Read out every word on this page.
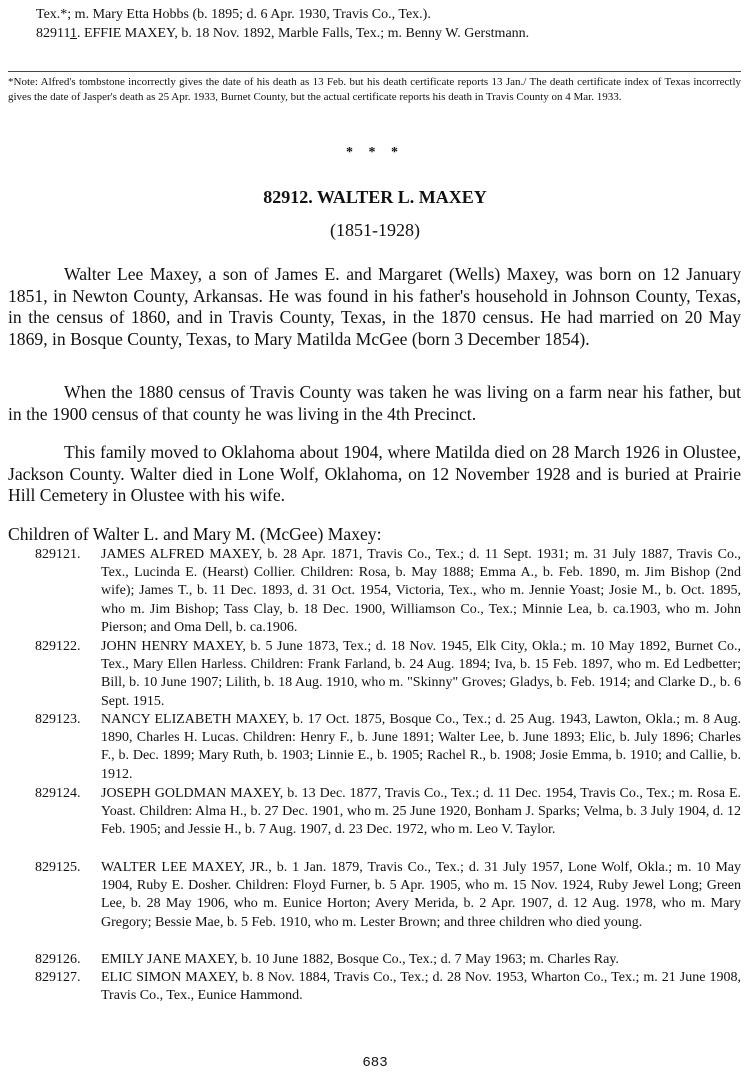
Tex.*; m. Mary Etta Hobbs (b. 1895; d. 6 Apr. 1930, Travis Co., Tex.).
829111. EFFIE MAXEY, b. 18 Nov. 1892, Marble Falls, Tex.; m. Benny W. Gerstmann.
*Note: Alfred's tombstone incorrectly gives the date of his death as 13 Feb. but his death certificate reports 13 Jan./ The death certificate index of Texas incorrectly gives the date of Jasper's death as 25 Apr. 1933, Burnet County, but the actual certificate reports his death in Travis County on 4 Mar. 1933.
* * *
82912. WALTER L. MAXEY
(1851-1928)
Walter Lee Maxey, a son of James E. and Margaret (Wells) Maxey, was born on 12 January 1851, in Newton County, Arkansas. He was found in his father's household in Johnson County, Texas, in the census of 1860, and in Travis County, Texas, in the 1870 census. He had married on 20 May 1869, in Bosque County, Texas, to Mary Matilda McGee (born 3 December 1854).
When the 1880 census of Travis County was taken he was living on a farm near his father, but in the 1900 census of that county he was living in the 4th Precinct.
This family moved to Oklahoma about 1904, where Matilda died on 28 March 1926 in Olustee, Jackson County. Walter died in Lone Wolf, Oklahoma, on 12 November 1928 and is buried at Prairie Hill Cemetery in Olustee with his wife.
Children of Walter L. and Mary M. (McGee) Maxey:
829121. JAMES ALFRED MAXEY, b. 28 Apr. 1871, Travis Co., Tex.; d. 11 Sept. 1931; m. 31 July 1887, Travis Co., Tex., Lucinda E. (Hearst) Collier. Children: Rosa, b. May 1888; Emma A., b. Feb. 1890, m. Jim Bishop (2nd wife); James T., b. 11 Dec. 1893, d. 31 Oct. 1954, Victoria, Tex., who m. Jennie Yoast; Josie M., b. Oct. 1895, who m. Jim Bishop; Tass Clay, b. 18 Dec. 1900, Williamson Co., Tex.; Minnie Lea, b. ca.1903, who m. John Pierson; and Oma Dell, b. ca.1906.
829122. JOHN HENRY MAXEY, b. 5 June 1873, Tex.; d. 18 Nov. 1945, Elk City, Okla.; m. 10 May 1892, Burnet Co., Tex., Mary Ellen Harless. Children: Frank Farland, b. 24 Aug. 1894; Iva, b. 15 Feb. 1897, who m. Ed Ledbetter; Bill, b. 10 June 1907; Lilith, b. 18 Aug. 1910, who m. "Skinny" Groves; Gladys, b. Feb. 1914; and Clarke D., b. 6 Sept. 1915.
829123. NANCY ELIZABETH MAXEY, b. 17 Oct. 1875, Bosque Co., Tex.; d. 25 Aug. 1943, Lawton, Okla.; m. 8 Aug. 1890, Charles H. Lucas. Children: Henry F., b. June 1891; Walter Lee, b. June 1893; Elic, b. July 1896; Charles F., b. Dec. 1899; Mary Ruth, b. 1903; Linnie E., b. 1905; Rachel R., b. 1908; Josie Emma, b. 1910; and Callie, b. 1912.
829124. JOSEPH GOLDMAN MAXEY, b. 13 Dec. 1877, Travis Co., Tex.; d. 11 Dec. 1954, Travis Co., Tex.; m. Rosa E. Yoast. Children: Alma H., b. 27 Dec. 1901, who m. 25 June 1920, Bonham J. Sparks; Velma, b. 3 July 1904, d. 12 Feb. 1905; and Jessie H., b. 7 Aug. 1907, d. 23 Dec. 1972, who m. Leo V. Taylor.
829125. WALTER LEE MAXEY, JR., b. 1 Jan. 1879, Travis Co., Tex.; d. 31 July 1957, Lone Wolf, Okla.; m. 10 May 1904, Ruby E. Dosher. Children: Floyd Furner, b. 5 Apr. 1905, who m. 15 Nov. 1924, Ruby Jewel Long; Green Lee, b. 28 May 1906, who m. Eunice Horton; Avery Merida, b. 2 Apr. 1907, d. 12 Aug. 1978, who m. Mary Gregory; Bessie Mae, b. 5 Feb. 1910, who m. Lester Brown; and three children who died young.
829126. EMILY JANE MAXEY, b. 10 June 1882, Bosque Co., Tex.; d. 7 May 1963; m. Charles Ray.
829127. ELIC SIMON MAXEY, b. 8 Nov. 1884, Travis Co., Tex.; d. 28 Nov. 1953, Wharton Co., Tex.; m. 21 June 1908, Travis Co., Tex., Eunice Hammond.
683
